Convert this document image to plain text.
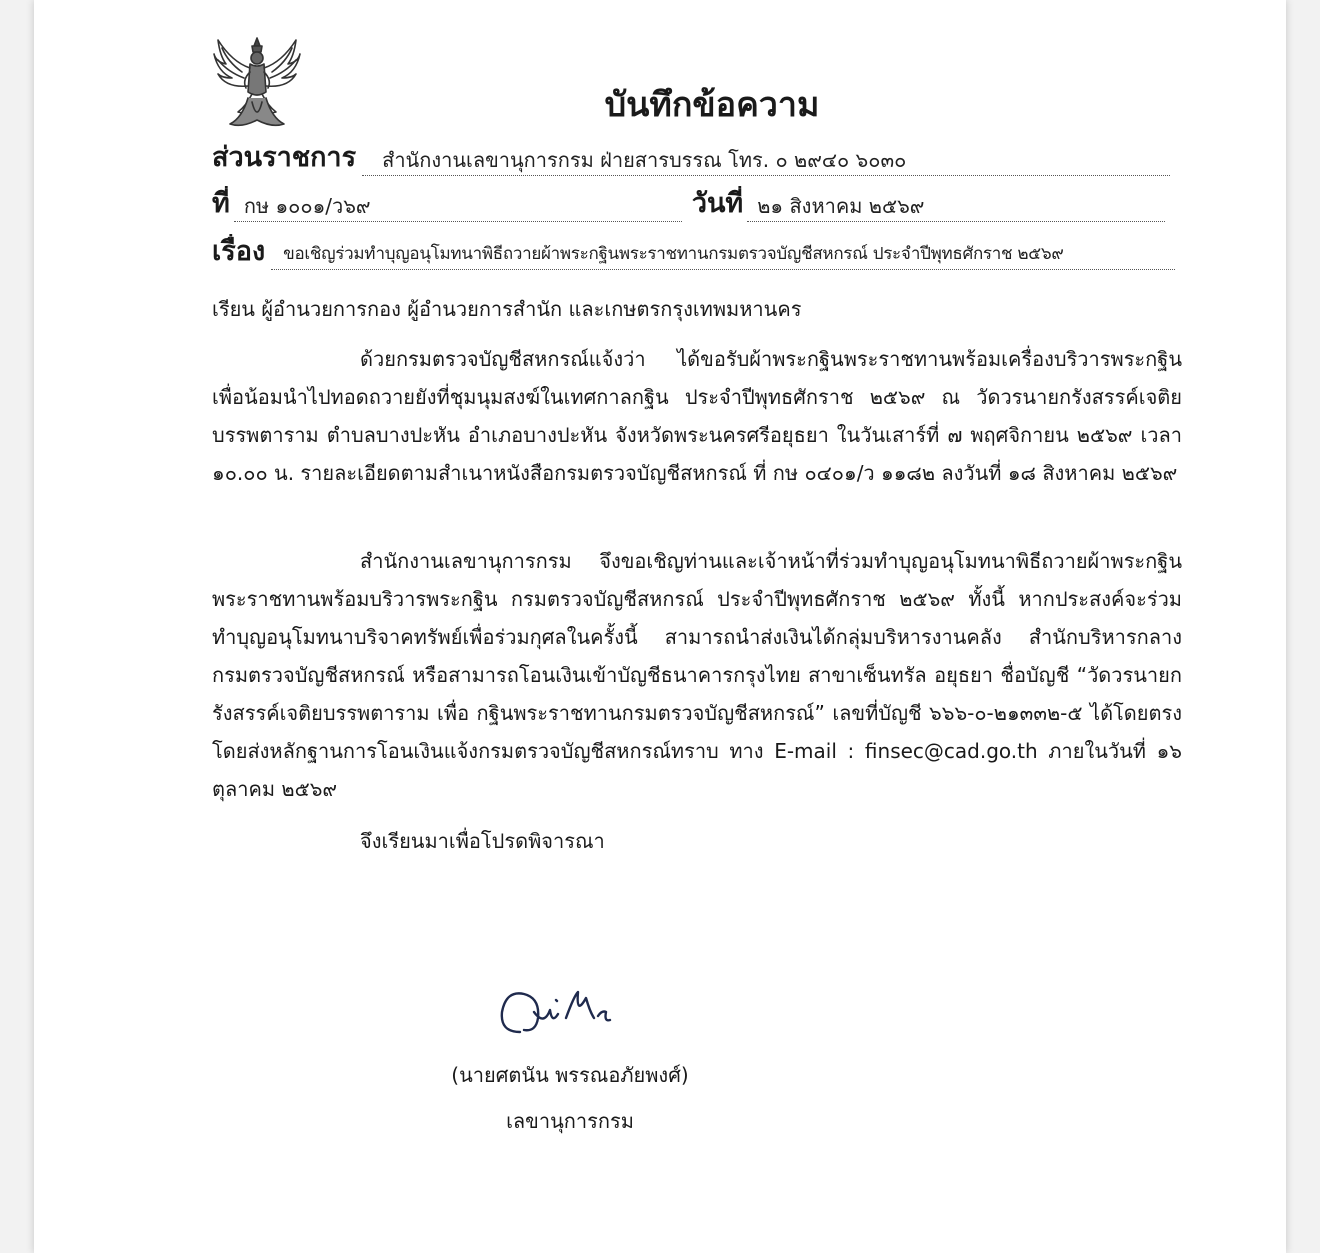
บันทึกข้อความ
ส่วนราชการ สำนักงานเลขานุการกรม ฝ่ายสารบรรณ โทร. ๐ ๒๙๔๐ ๖๐๓๐
ที่ กษ ๑๐๐๑/ว๖๙	วันที่ ๒๑ สิงหาคม ๒๕๖๙
เรื่อง ขอเชิญร่วมทำบุญอนุโมทนาพิธีถวายผ้าพระกฐินพระราชทานกรมตรวจบัญชีสหกรณ์ ประจำปีพุทธศักราช ๒๕๖๙
เรียน ผู้อำนวยการกอง ผู้อำนวยการสำนัก และเกษตรกรุงเทพมหานคร

ด้วยกรมตรวจบัญชีสหกรณ์แจ้งว่า ได้ขอรับผ้าพระกฐินพระราชทานพร้อมเครื่องบริวารพระกฐิน เพื่อน้อมนำไปทอดถวายยังที่ชุมนุมสงฆ์ในเทศกาลกฐิน ประจำปีพุทธศักราช ๒๕๖๙ ณ วัดวรนายกรังสรรค์เจติยบรรพตาราม ตำบลบางปะหัน อำเภอบางปะหัน จังหวัดพระนครศรีอยุธยา ในวันเสาร์ที่ ๗ พฤศจิกายน ๒๕๖๙ เวลา ๑๐.๐๐ น. รายละเอียดตามสำเนาหนังสือกรมตรวจบัญชีสหกรณ์ ที่ กษ ๐๔๐๑/ว ๑๑๘๒ ลงวันที่ ๑๘ สิงหาคม ๒๕๖๙

สำนักงานเลขานุการกรม จึงขอเชิญท่านและเจ้าหน้าที่ร่วมทำบุญอนุโมทนาพิธีถวายผ้าพระกฐินพระราชทานพร้อมบริวารพระกฐิน กรมตรวจบัญชีสหกรณ์ ประจำปีพุทธศักราช ๒๕๖๙ ทั้งนี้ หากประสงค์จะร่วมทำบุญอนุโมทนาบริจาคทรัพย์เพื่อร่วมกุศลในครั้งนี้ สามารถนำส่งเงินได้กลุ่มบริหารงานคลัง สำนักบริหารกลาง กรมตรวจบัญชีสหกรณ์ หรือสามารถโอนเงินเข้าบัญชีธนาคารกรุงไทย สาขาเซ็นทรัล อยุธยา ชื่อบัญชี “วัดวรนายกรังสรรค์เจติยบรรพตาราม เพื่อ กฐินพระราชทานกรมตรวจบัญชีสหกรณ์” เลขที่บัญชี ๖๖๖-๐-๒๑๓๓๒-๕ ได้โดยตรง โดยส่งหลักฐานการโอนเงินแจ้งกรมตรวจบัญชีสหกรณ์ทราบ ทาง E-mail : finsec@cad.go.th ภายในวันที่ ๑๖ ตุลาคม ๒๕๖๙

จึงเรียนมาเพื่อโปรดพิจารณา
(นายศตนัน พรรณอภัยพงศ์)
เลขานุการกรม
